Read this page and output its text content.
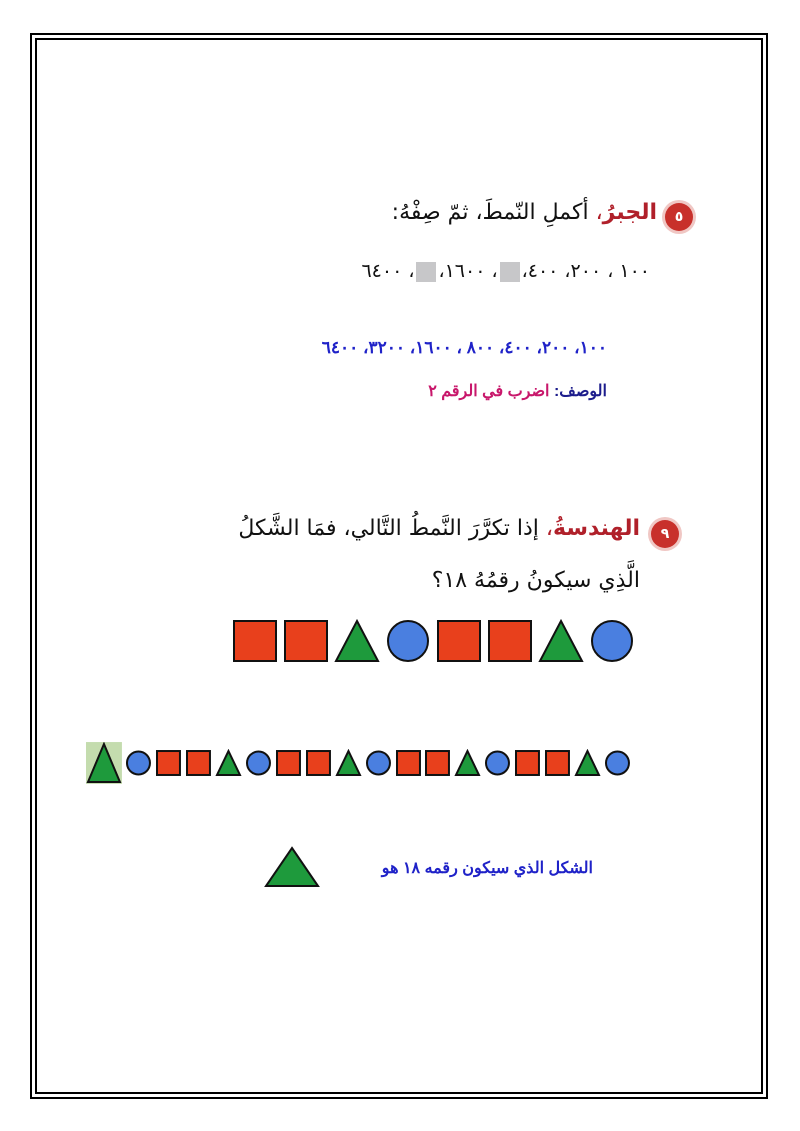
٥
الجبرُ، أكملِ النّمطَ، ثمّ صِفْهُ:
١٠٠ ، ٢٠٠، ٤٠٠،، ١٦٠٠،، ٦٤٠٠
١٠٠، ٢٠٠، ٤٠٠، ٨٠٠ ، ١٦٠٠، ٣٢٠٠، ٦٤٠٠
الوصف: اضرب في الرقم ٢
٩
الهندسةُ، إذا تكرَّرَ النَّمطُ التَّالي، فمَا الشَّكلُ
الَّذِي سيكونُ رقمُهُ ١٨؟
الشكل الذي سيكون رقمه ١٨ هو
